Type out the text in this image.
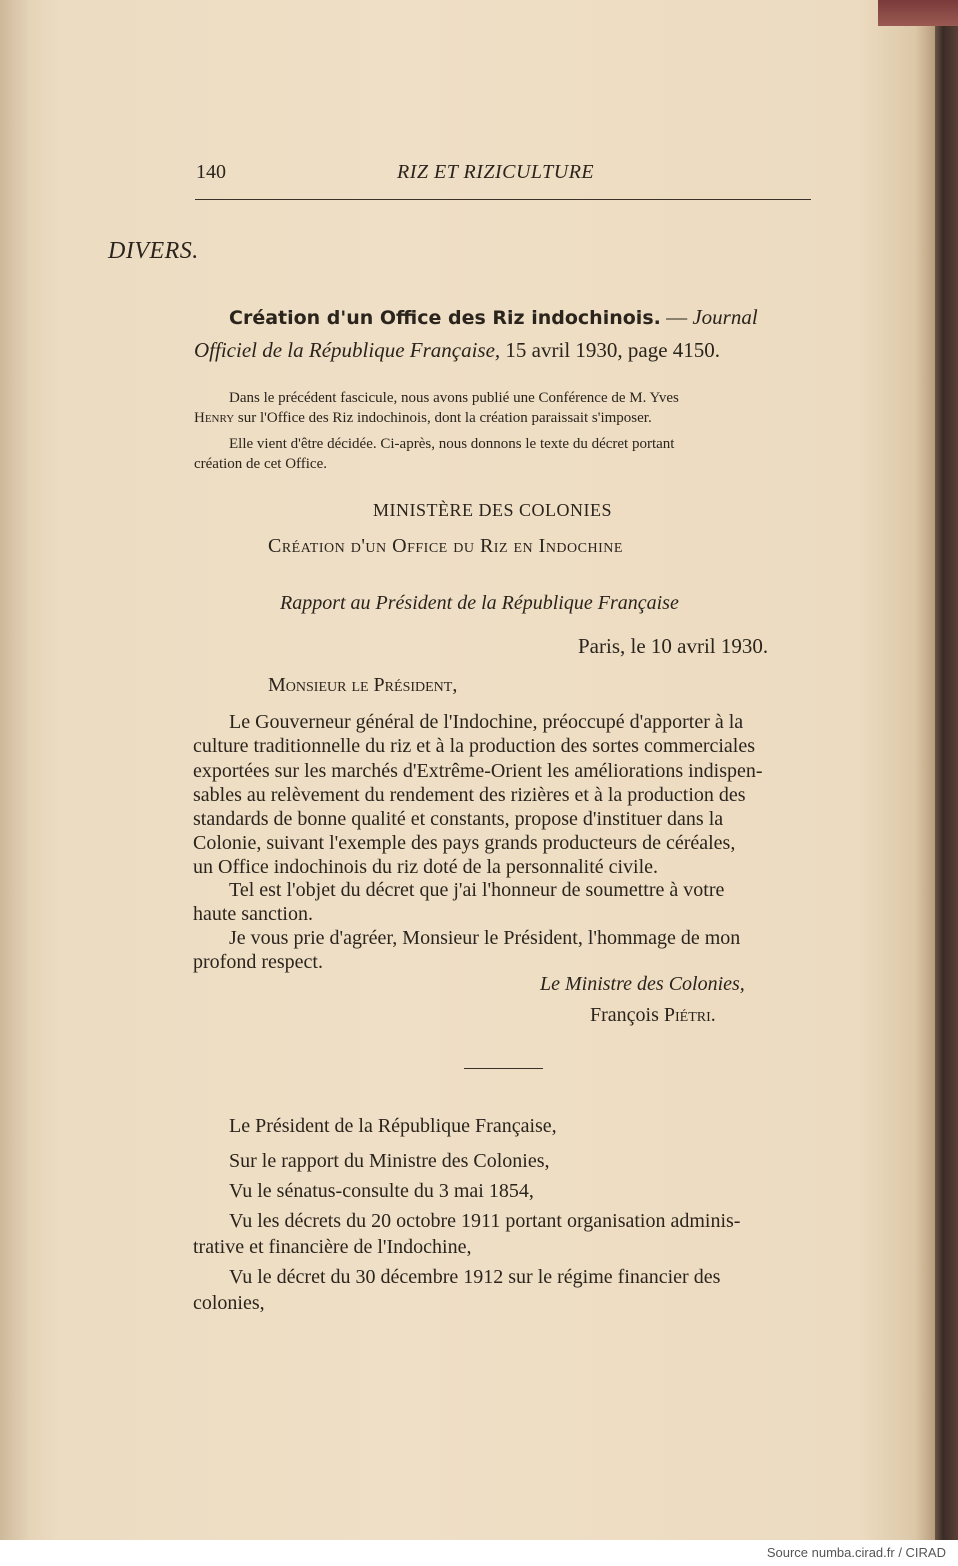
140	RIZ ET RIZICULTURE
DIVERS.
Création d'un Office des Riz indochinois. — Journal
Officiel de la République Française, 15 avril 1930, page 4150.
Dans le précédent fascicule, nous avons publié une Conférence de M. Yves
Henry sur l'Office des Riz indochinois, dont la création paraissait s'imposer.
Elle vient d'être décidée. Ci-après, nous donnons le texte du décret portant
création de cet Office.
MINISTÈRE DES COLONIES
Création d'un Office du Riz en Indochine
Rapport au Président de la République Française
Paris, le 10 avril 1930.
Monsieur le Président,
Le Gouverneur général de l'Indochine, préoccupé d'apporter à la
culture traditionnelle du riz et à la production des sortes commerciales
exportées sur les marchés d'Extrême-Orient les améliorations indispen-
sables au relèvement du rendement des rizières et à la production des
standards de bonne qualité et constants, propose d'instituer dans la
Colonie, suivant l'exemple des pays grands producteurs de céréales,
un Office indochinois du riz doté de la personnalité civile.
Tel est l'objet du décret que j'ai l'honneur de soumettre à votre
haute sanction.
Je vous prie d'agréer, Monsieur le Président, l'hommage de mon
profond respect.
Le Ministre des Colonies,
François Piétri.
Le Président de la République Française,
Sur le rapport du Ministre des Colonies,
Vu le sénatus-consulte du 3 mai 1854,
Vu les décrets du 20 octobre 1911 portant organisation adminis-
trative et financière de l'Indochine,
Vu le décret du 30 décembre 1912 sur le régime financier des
colonies,
Source numba.cirad.fr / CIRAD
